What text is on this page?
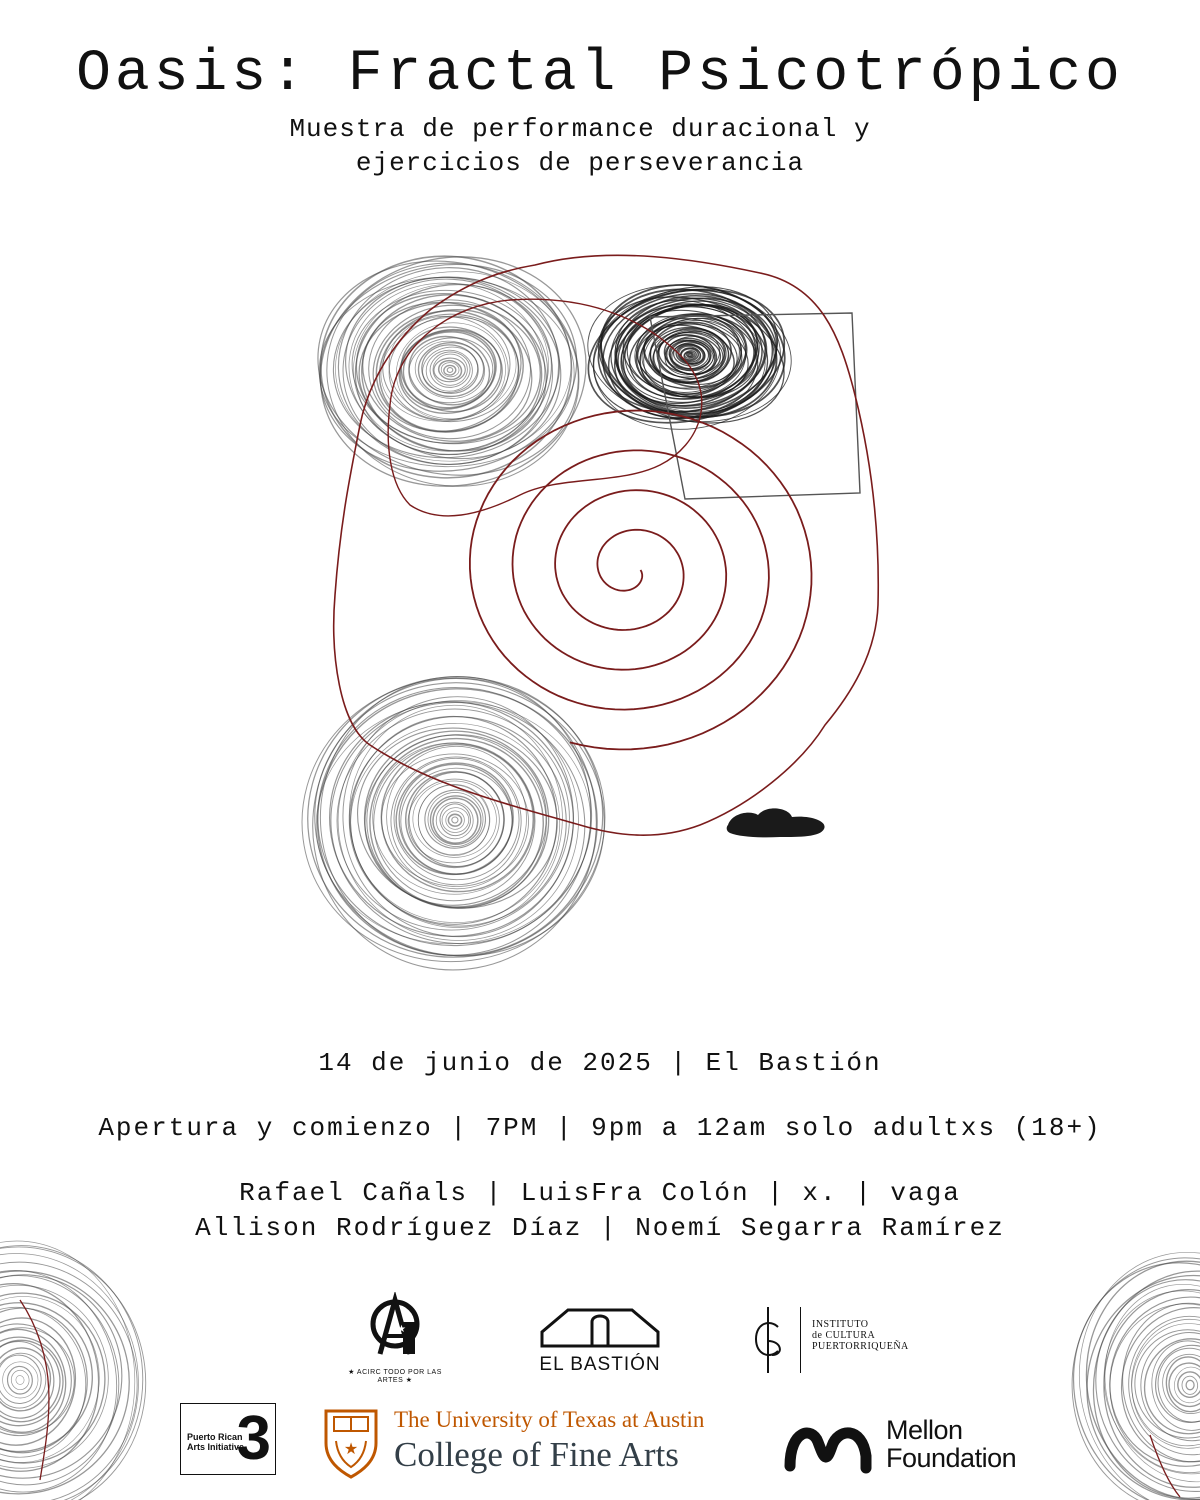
Oasis: Fractal Psicotrópico
Muestra de performance duracional y
ejercicios de perseverancia
14 de junio de 2025 | El Bastión
Apertura y comienzo | 7PM | 9pm a 12am solo adultxs (18+)
Rafael Cañals | LuisFra Colón | x. | vaga
Allison Rodríguez Díaz | Noemí Segarra Ramírez
★
★ ACIRC TODO POR LAS ARTES ★
EL BASTIÓN
INSTITUTO
de CULTURA
PUERTORRIQUEÑA
Puerto Rican
Arts Initiative
3	★
The University of Texas at Austin
College of Fine Arts
Mellon
Foundation
